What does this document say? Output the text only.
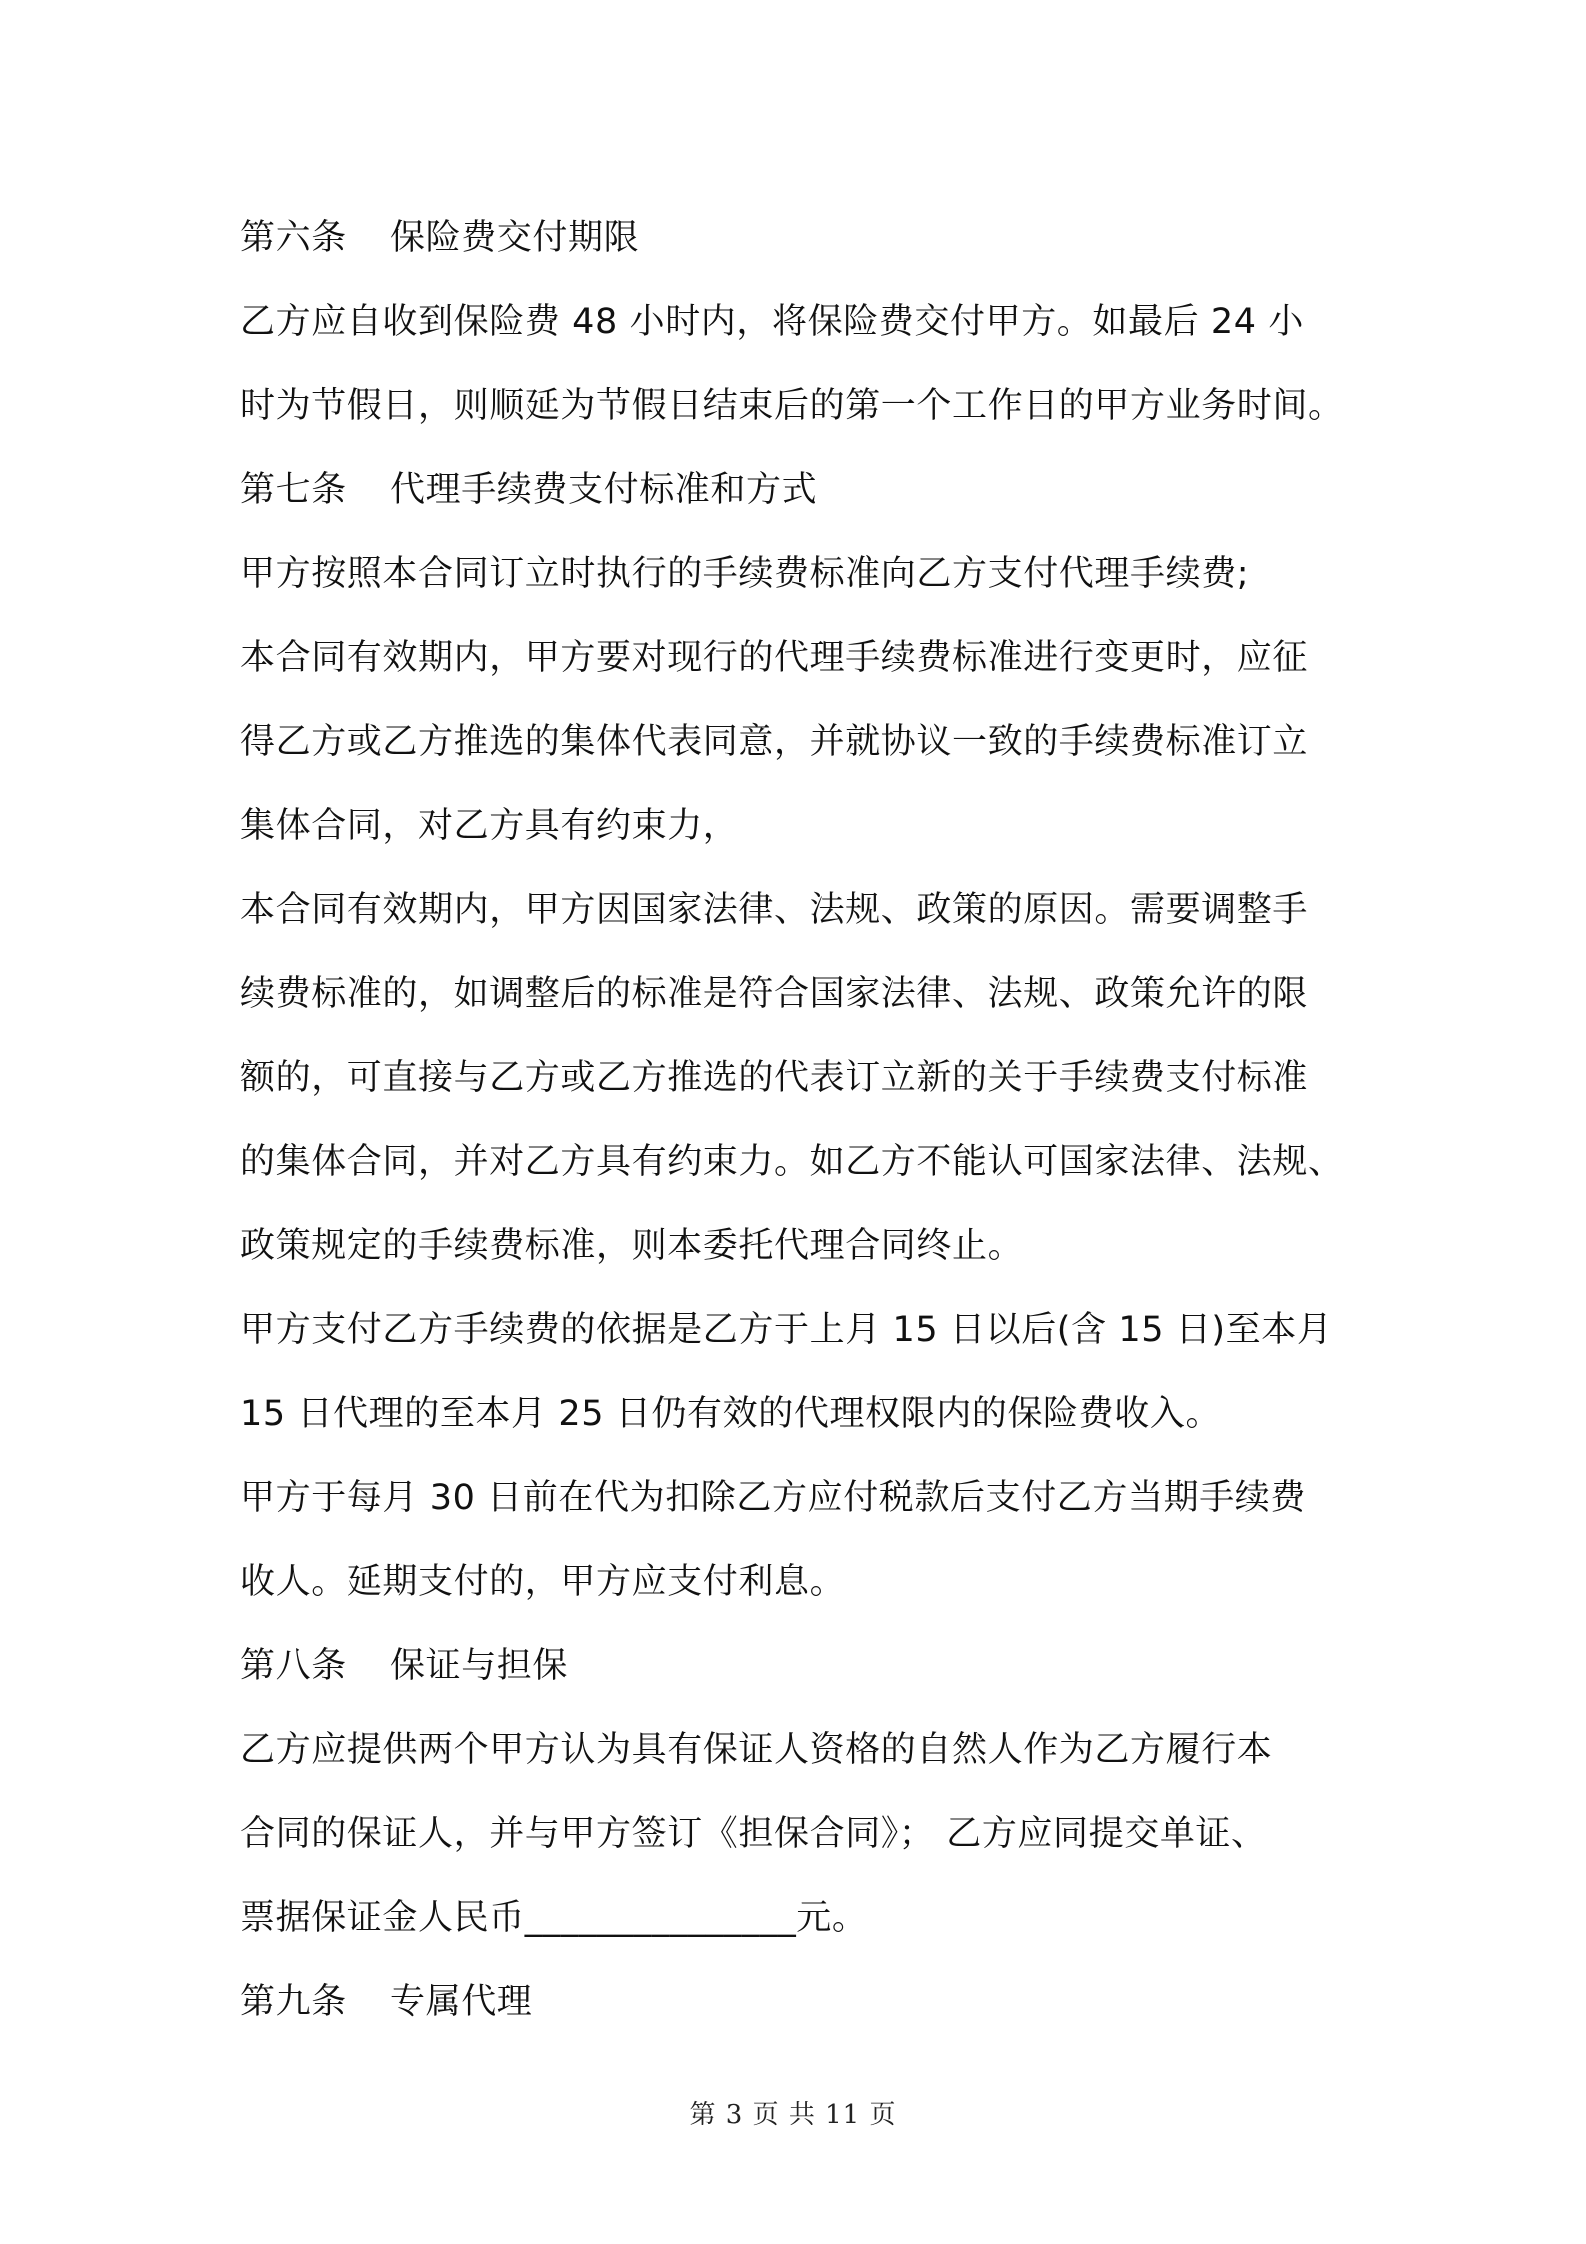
第六条 保险费交付期限
乙方应自收到保险费 48 小时内，将保险费交付甲方。如最后 24 小
时为节假日，则顺延为节假日结束后的第一个工作日的甲方业务时间。
第七条 代理手续费支付标准和方式
甲方按照本合同订立时执行的手续费标准向乙方支付代理手续费;
本合同有效期内，甲方要对现行的代理手续费标准进行变更时，应征
得乙方或乙方推选的集体代表同意，并就协议一致的手续费标准订立
集体合同，对乙方具有约束力，
本合同有效期内，甲方因国家法律、法规、政策的原因。需要调整手
续费标准的，如调整后的标准是符合国家法律、法规、政策允许的限
额的，可直接与乙方或乙方推选的代表订立新的关于手续费支付标准
的集体合同，并对乙方具有约束力。如乙方不能认可国家法律、法规、
政策规定的手续费标准，则本委托代理合同终止。
甲方支付乙方手续费的依据是乙方于上月 15 日以后(含 15 日)至本月
15 日代理的至本月 25 日仍有效的代理权限内的保险费收入。
甲方于每月 30 日前在代为扣除乙方应付税款后支付乙方当期手续费
收人。延期支付的，甲方应支付利息。
第八条 保证与担保
乙方应提供两个甲方认为具有保证人资格的自然人作为乙方履行本
合同的保证人，并与甲方签订《担保合同》； 乙方应同提交单证、
票据保证金人民币_______________元。
第九条 专属代理
第 3 页 共 11 页
